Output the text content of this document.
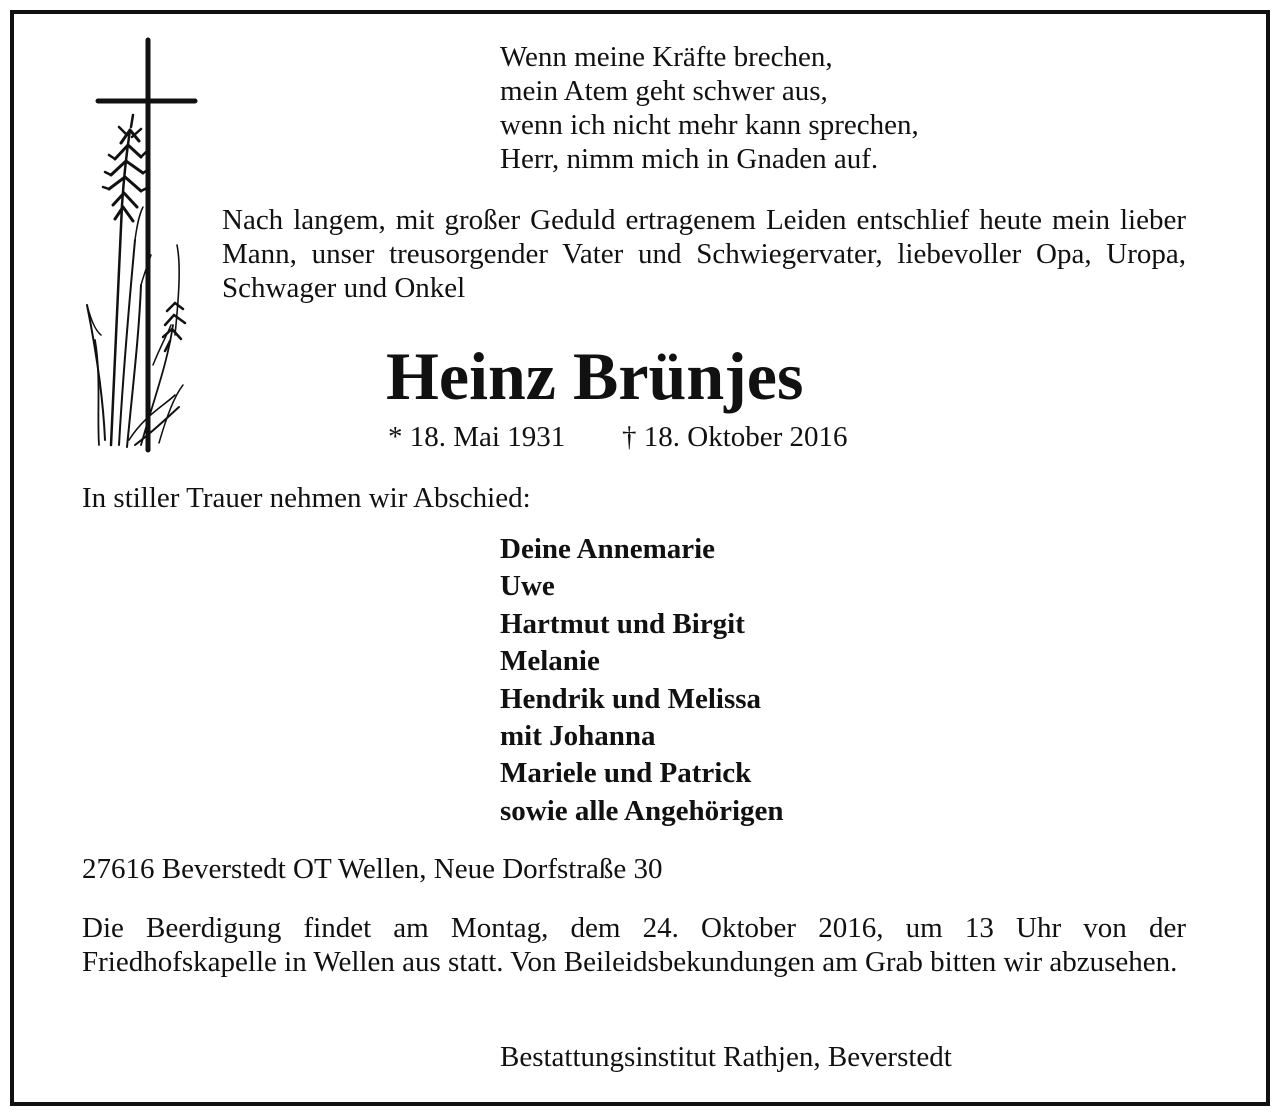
Wenn meine Kräfte brechen,
mein Atem geht schwer aus,
wenn ich nicht mehr kann sprechen,
Herr, nimm mich in Gnaden auf.
Nach langem, mit großer Geduld ertragenem Leiden entschlief heute mein lieber Mann, unser treusorgender Vater und Schwiegervater, liebevoller Opa, Uropa, Schwager und Onkel
Heinz Brünjes
* 18. Mai 1931 † 18. Oktober 2016
In stiller Trauer nehmen wir Abschied:
Deine Annemarie
Uwe
Hartmut und Birgit
Melanie
Hendrik und Melissa
mit Johanna
Mariele und Patrick
sowie alle Angehörigen
27616 Beverstedt OT Wellen, Neue Dorfstraße 30
Die Beerdigung findet am Montag, dem 24. Oktober 2016, um 13 Uhr von der Friedhofskapelle in Wellen aus statt. Von Beileidsbekundungen am Grab bitten wir abzusehen.
Bestattungsinstitut Rathjen, Beverstedt
